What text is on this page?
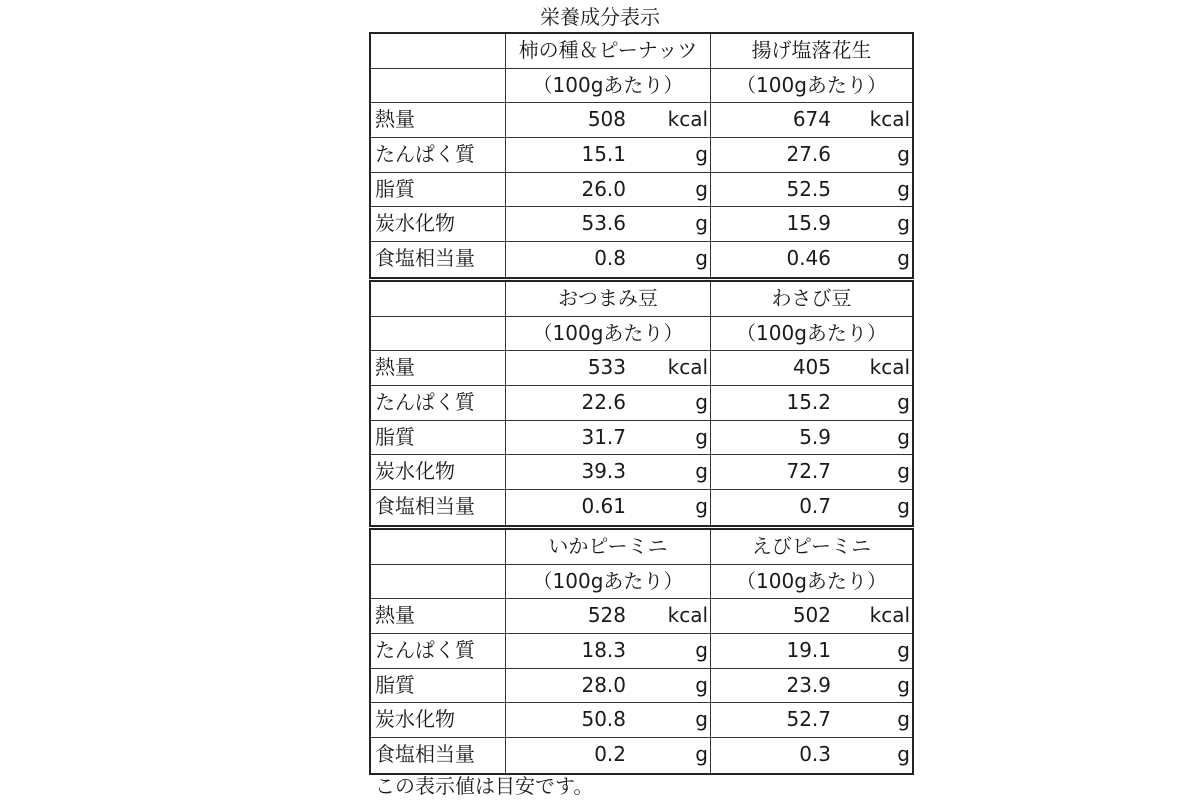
栄養成分表示
柿の種＆ピーナッツ	揚げ塩落花生
（100gあたり）	（100gあたり）
熱量	508	kcal	674	kcal
たんぱく質	15.1	g	27.6	g
脂質	26.0	g	52.5	g
炭水化物	53.6	g	15.9	g
食塩相当量	0.8	g	0.46	g
おつまみ豆	わさび豆
（100gあたり）	（100gあたり）
熱量	533	kcal	405	kcal
たんぱく質	22.6	g	15.2	g
脂質	31.7	g	5.9	g
炭水化物	39.3	g	72.7	g
食塩相当量	0.61	g	0.7	g
いかピーミニ	えびピーミニ
（100gあたり）	（100gあたり）
熱量	528	kcal	502	kcal
たんぱく質	18.3	g	19.1	g
脂質	28.0	g	23.9	g
炭水化物	50.8	g	52.7	g
食塩相当量	0.2	g	0.3	g
この表示値は目安です。
